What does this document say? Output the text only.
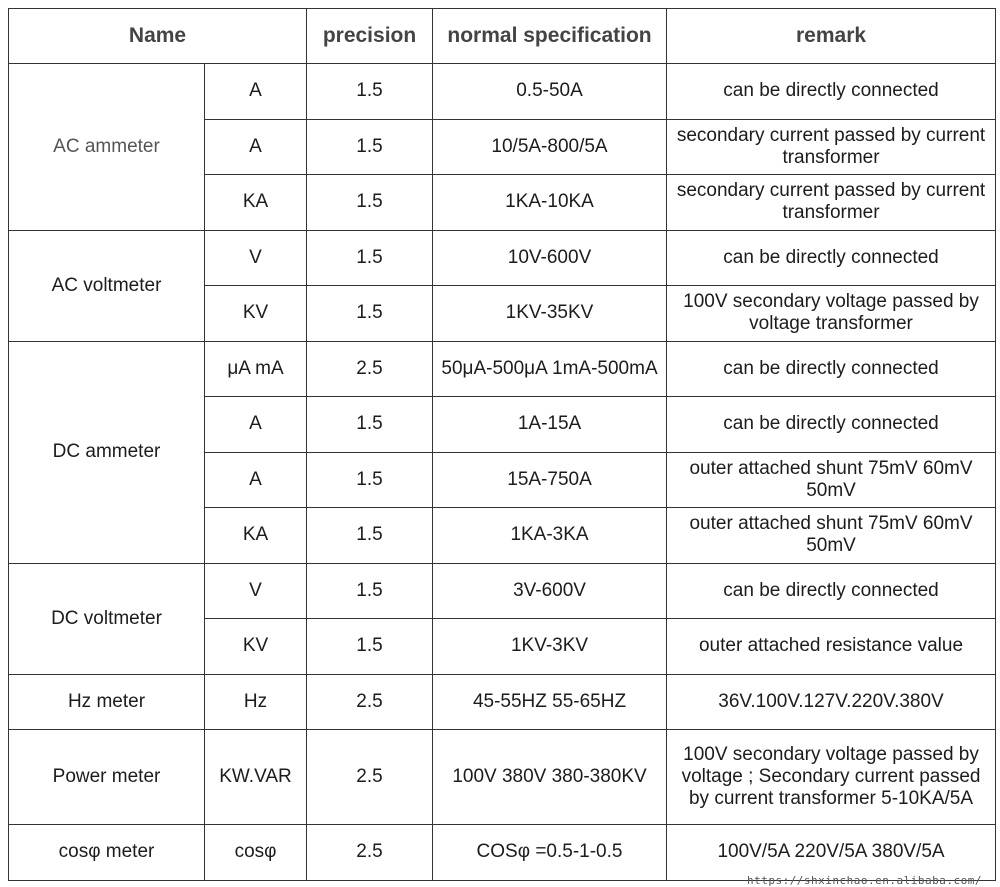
Name		precision	normal specification	remark
AC ammeter	A	1.5	0.5-50A	can be directly connected
	A	1.5	10/5A-800/5A	secondary current passed by current transformer
	KA	1.5	1KA-10KA	secondary current passed by current transformer
AC voltmeter	V	1.5	10V-600V	can be directly connected
	KV	1.5	1KV-35KV	100V secondary voltage passed by voltage transformer
DC ammeter	μA mA	2.5	50μA-500μA 1mA-500mA	can be directly connected
	A	1.5	1A-15A	can be directly connected
	A	1.5	15A-750A	outer attached shunt 75mV 60mV 50mV
	KA	1.5	1KA-3KA	outer attached shunt 75mV 60mV 50mV
DC voltmeter	V	1.5	3V-600V	can be directly connected
	KV	1.5	1KV-3KV	outer attached resistance value
Hz meter	Hz	2.5	45-55HZ 55-65HZ	36V.100V.127V.220V.380V
Power meter	KW.VAR	2.5	100V 380V 380-380KV	100V secondary voltage passed by voltage ; Secondary current passed by current transformer 5-10KA/5A
cosφ meter	cosφ	2.5	COSφ =0.5-1-0.5	100V/5A 220V/5A 380V/5A
https://shxinchao.en.alibaba.com/
